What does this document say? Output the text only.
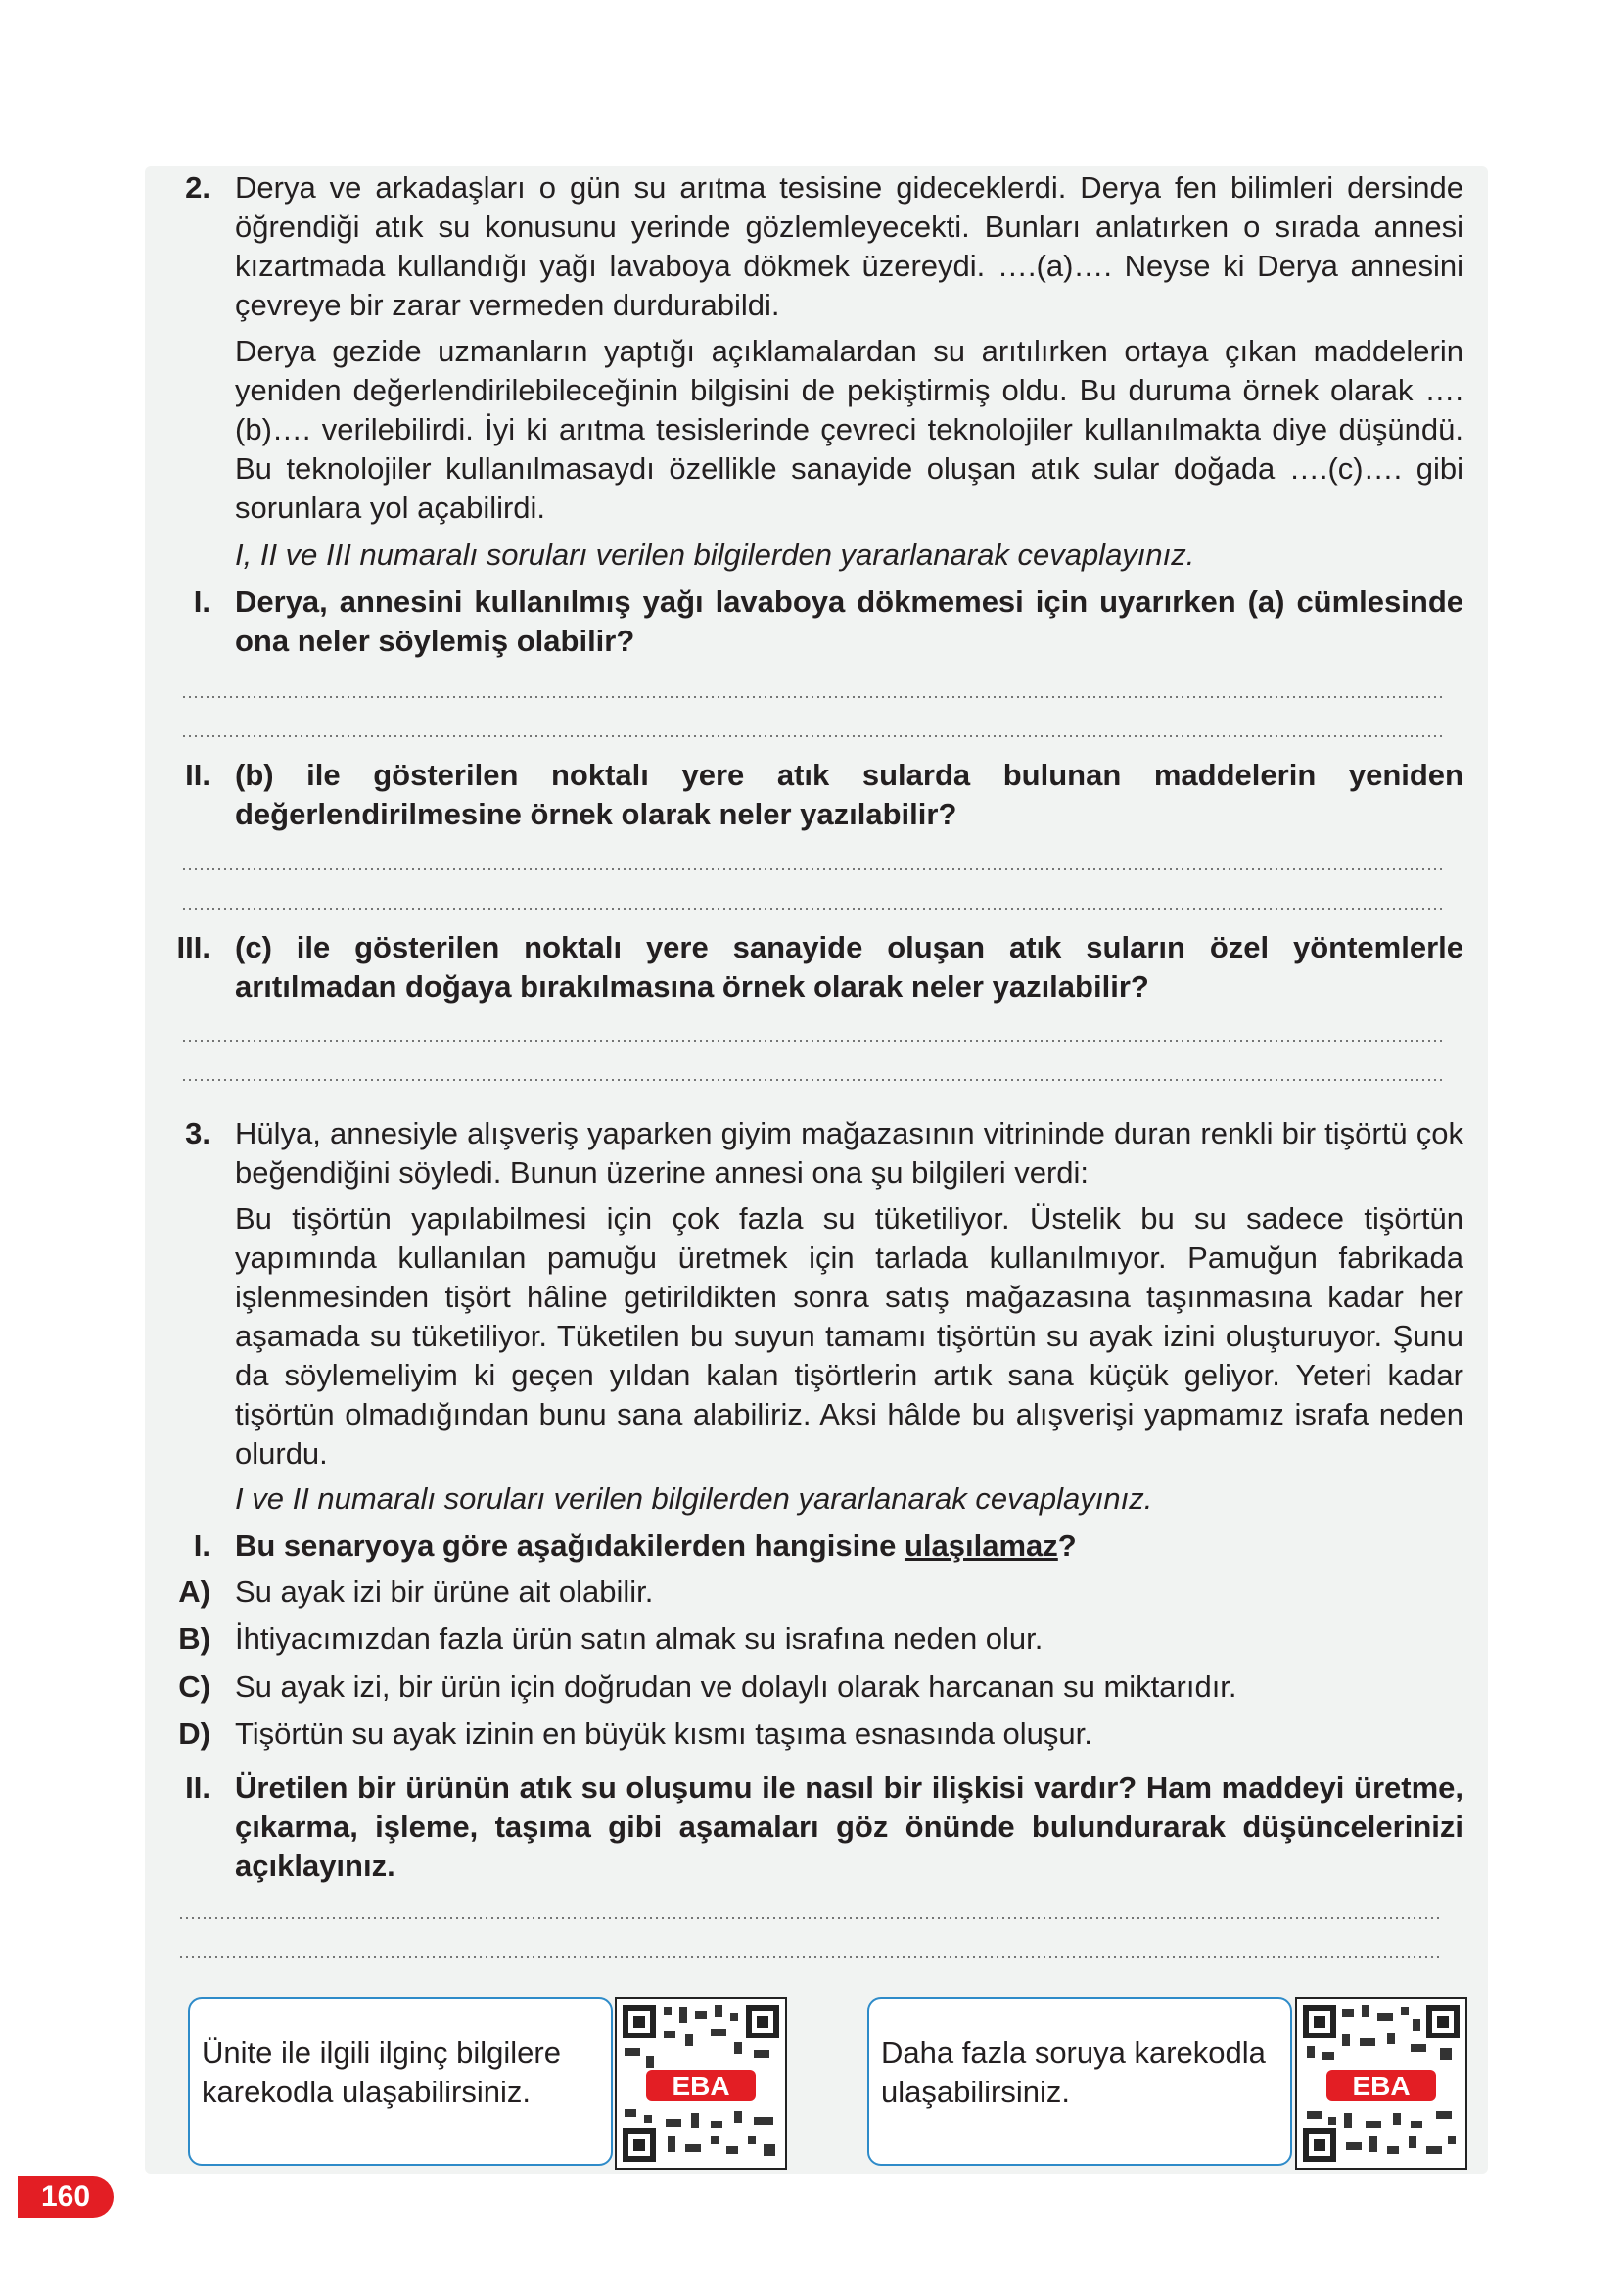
2. Derya ve arkadaşları o gün su arıtma tesisine gideceklerdi. Derya fen bilimleri dersinde öğrendiği atık su konusunu yerinde gözlemleyecekti. Bunları anlatırken o sırada annesi kızartmada kullandığı yağı lavaboya dökmek üzereydi. ….(a)…. Neyse ki Derya annesini çevreye bir zarar vermeden durdurabildi.
Derya gezide uzmanların yaptığı açıklamalardan su arıtılırken ortaya çıkan maddelerin yeniden değerlendirilebileceğinin bilgisini de pekiştirmiş oldu. Bu duruma örnek olarak ….(b)…. verilebilirdi. İyi ki arıtma tesislerinde çevreci teknolojiler kullanılmakta diye düşündü. Bu teknolojiler kullanılmasaydı özellikle sanayide oluşan atık sular doğada ….(c)…. gibi sorunlara yol açabilirdi.
I, II ve III numaralı soruları verilen bilgilerden yararlanarak cevaplayınız.
I. Derya, annesini kullanılmış yağı lavaboya dökmemesi için uyarırken (a) cümlesinde ona neler söylemiş olabilir?
II. (b) ile gösterilen noktalı yere atık sularda bulunan maddelerin yeniden değerlendirilmesine örnek olarak neler yazılabilir?
III. (c) ile gösterilen noktalı yere sanayide oluşan atık suların özel yöntemlerle arıtılmadan doğaya bırakılmasına örnek olarak neler yazılabilir?
3. Hülya, annesiyle alışveriş yaparken giyim mağazasının vitrininde duran renkli bir tişörtü çok beğendiğini söyledi. Bunun üzerine annesi ona şu bilgileri verdi:
Bu tişörtün yapılabilmesi için çok fazla su tüketiliyor. Üstelik bu su sadece tişörtün yapımında kullanılan pamuğu üretmek için tarlada kullanılmıyor. Pamuğun fabrikada işlenmesinden tişört hâline getirildikten sonra satış mağazasına taşınmasına kadar her aşamada su tüketiliyor. Tüketilen bu suyun tamamı tişörtün su ayak izini oluşturuyor. Şunu da söylemeliyim ki geçen yıldan kalan tişörtlerin artık sana küçük geliyor. Yeteri kadar tişörtün olmadığından bunu sana alabiliriz. Aksi hâlde bu alışverişi yapmamız israfa neden olurdu.
I ve II numaralı soruları verilen bilgilerden yararlanarak cevaplayınız.
I. Bu senaryoya göre aşağıdakilerden hangisine ulaşılamaz?
A) Su ayak izi bir ürüne ait olabilir.
B) İhtiyacımızdan fazla ürün satın almak su israfına neden olur.
C) Su ayak izi, bir ürün için doğrudan ve dolaylı olarak harcanan su miktarıdır.
D) Tişörtün su ayak izinin en büyük kısmı taşıma esnasında oluşur.
II. Üretilen bir ürünün atık su oluşumu ile nasıl bir ilişkisi vardır? Ham maddeyi üretme, çıkarma, işleme, taşıma gibi aşamaları göz önünde bulundurarak düşüncelerinizi açıklayınız.
Ünite ile ilgili ilginç bilgilere karekodla ulaşabilirsiniz.	EBA
Daha fazla soruya karekodla ulaşabilirsiniz.	EBA
160
